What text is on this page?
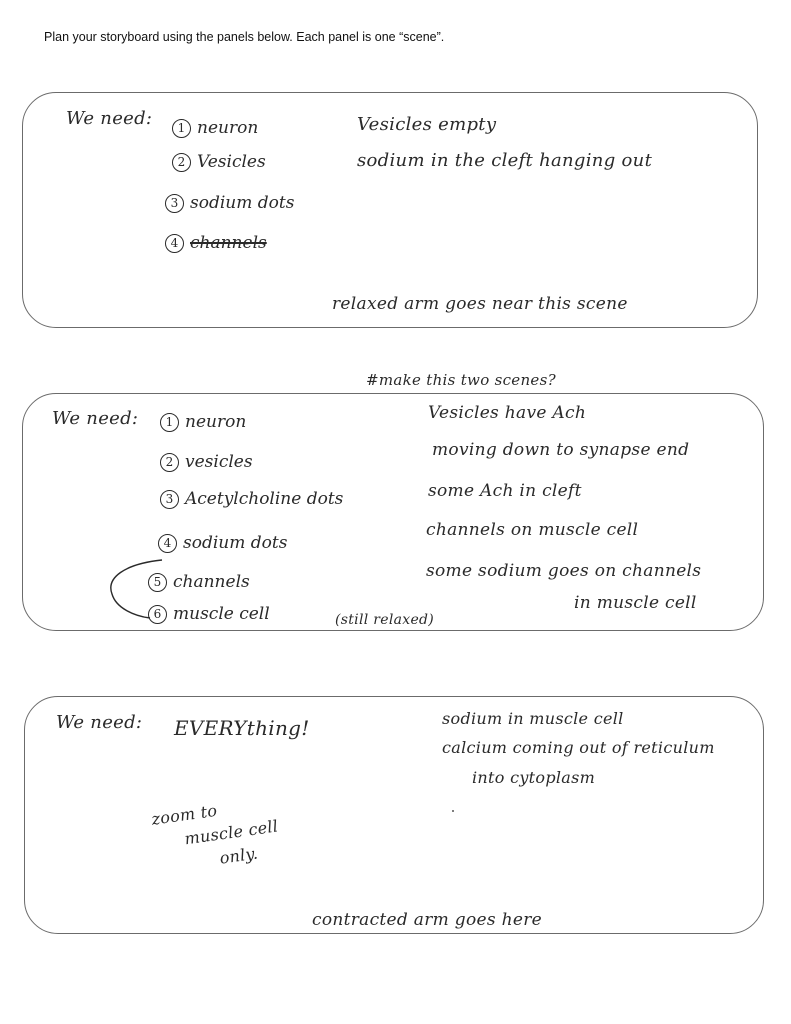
Plan your storyboard using the panels below. Each panel is one “scene”.
We need:	1 neuron
2 Vesicles
3 sodium dots
4 channels
Vesicles empty
sodium in the cleft hanging out
relaxed arm goes near this scene
#make this two scenes?
We need:	1 neuron
2 vesicles
3 Acetylcholine dots
4 sodium dots
5 channels
6 muscle cell
Vesicles have Ach
moving down to synapse end
some Ach in cleft
channels on muscle cell
some sodium goes on channels
in muscle cell
(still relaxed)
We need: EVERYthing!	sodium in muscle cell
calcium coming out of reticulum
into cytoplasm
zoom to
muscle cell
only.
contracted arm goes here
